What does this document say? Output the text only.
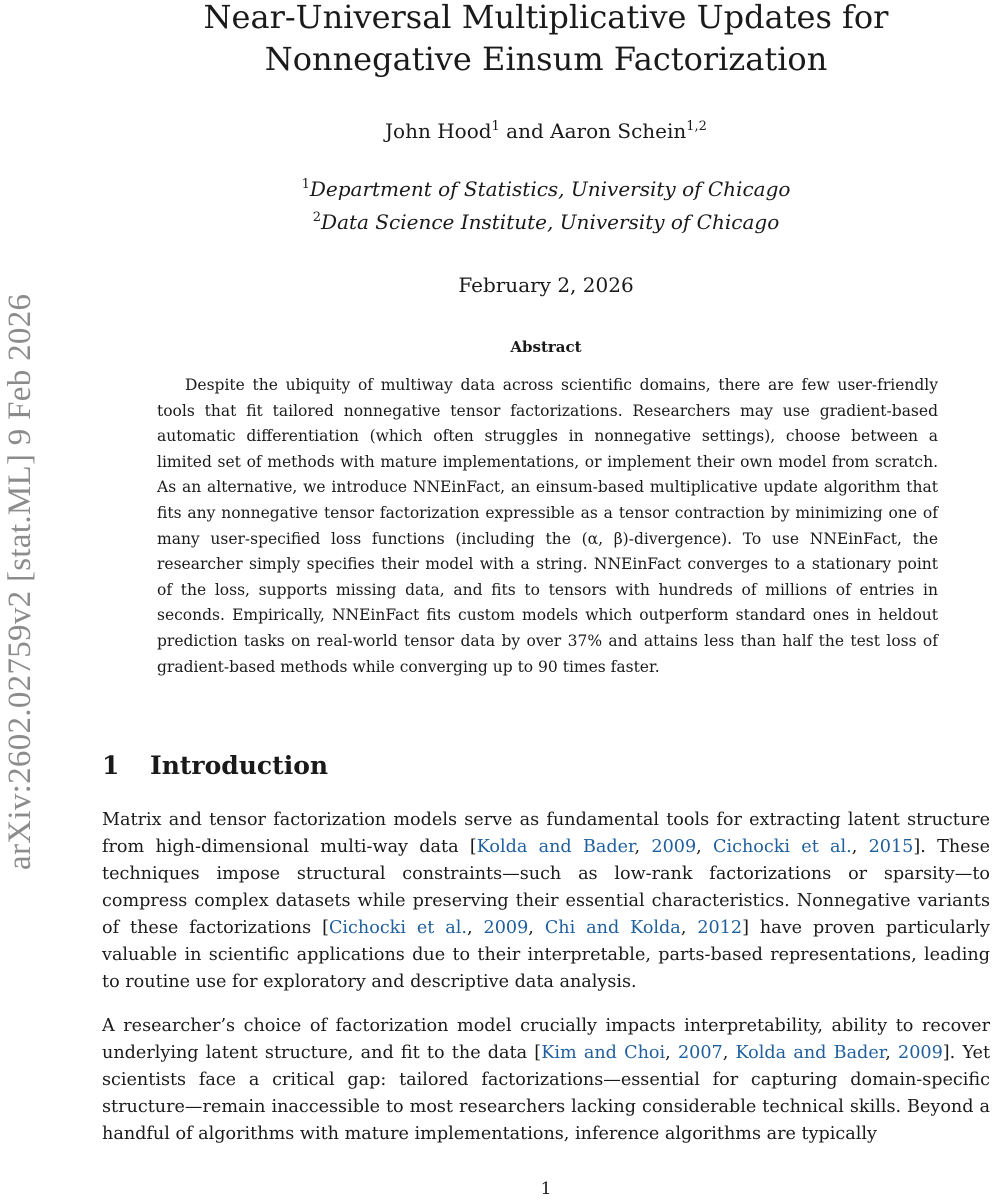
arXiv:2602.02759v2 [stat.ML] 9 Feb 2026
Near-Universal Multiplicative Updates for
Nonnegative Einsum Factorization
John Hood$^1$ and Aaron Schein$^{1,2}$
$^1$Department of Statistics, University of Chicago
$^2$Data Science Institute, University of Chicago
February 2, 2026
Abstract

Despite the ubiquity of multiway data across scientific domains, there are few user-friendly tools that fit tailored nonnegative tensor factorizations. Researchers may use gradient-based automatic differentiation (which often struggles in nonnegative settings), choose between a limited set of methods with mature implementations, or implement their own model from scratch. As an alternative, we introduce NNEinFact, an einsum-based multiplicative update algorithm that fits any nonnegative tensor factorization expressible as a tensor contraction by minimizing one of many user-specified loss functions (including the (α, β)-divergence). To use NNEinFact, the researcher simply specifies their model with a string. NNEinFact converges to a stationary point of the loss, supports missing data, and fits to tensors with hundreds of millions of entries in seconds. Empirically, NNEinFact fits custom models which outperform standard ones in heldout prediction tasks on real-world tensor data by over 37% and attains less than half the test loss of gradient-based methods while converging up to 90 times faster.

1 Introduction

Matrix and tensor factorization models serve as fundamental tools for extracting latent structure from high-dimensional multi-way data [Kolda and Bader, 2009, Cichocki et al., 2015]. These techniques impose structural constraints—such as low-rank factorizations or sparsity—to compress complex datasets while preserving their essential characteristics. Nonnegative variants of these factorizations [Cichocki et al., 2009, Chi and Kolda, 2012] have proven particularly valuable in scientific applications due to their interpretable, parts-based representations, leading to routine use for exploratory and descriptive data analysis.

A researcher’s choice of factorization model crucially impacts interpretability, ability to recover underlying latent structure, and fit to the data [Kim and Choi, 2007, Kolda and Bader, 2009]. Yet scientists face a critical gap: tailored factorizations—essential for capturing domain-specific structure—remain inaccessible to most researchers lacking considerable technical skills. Beyond a handful of algorithms with mature implementations, inference algorithms are typically

1
